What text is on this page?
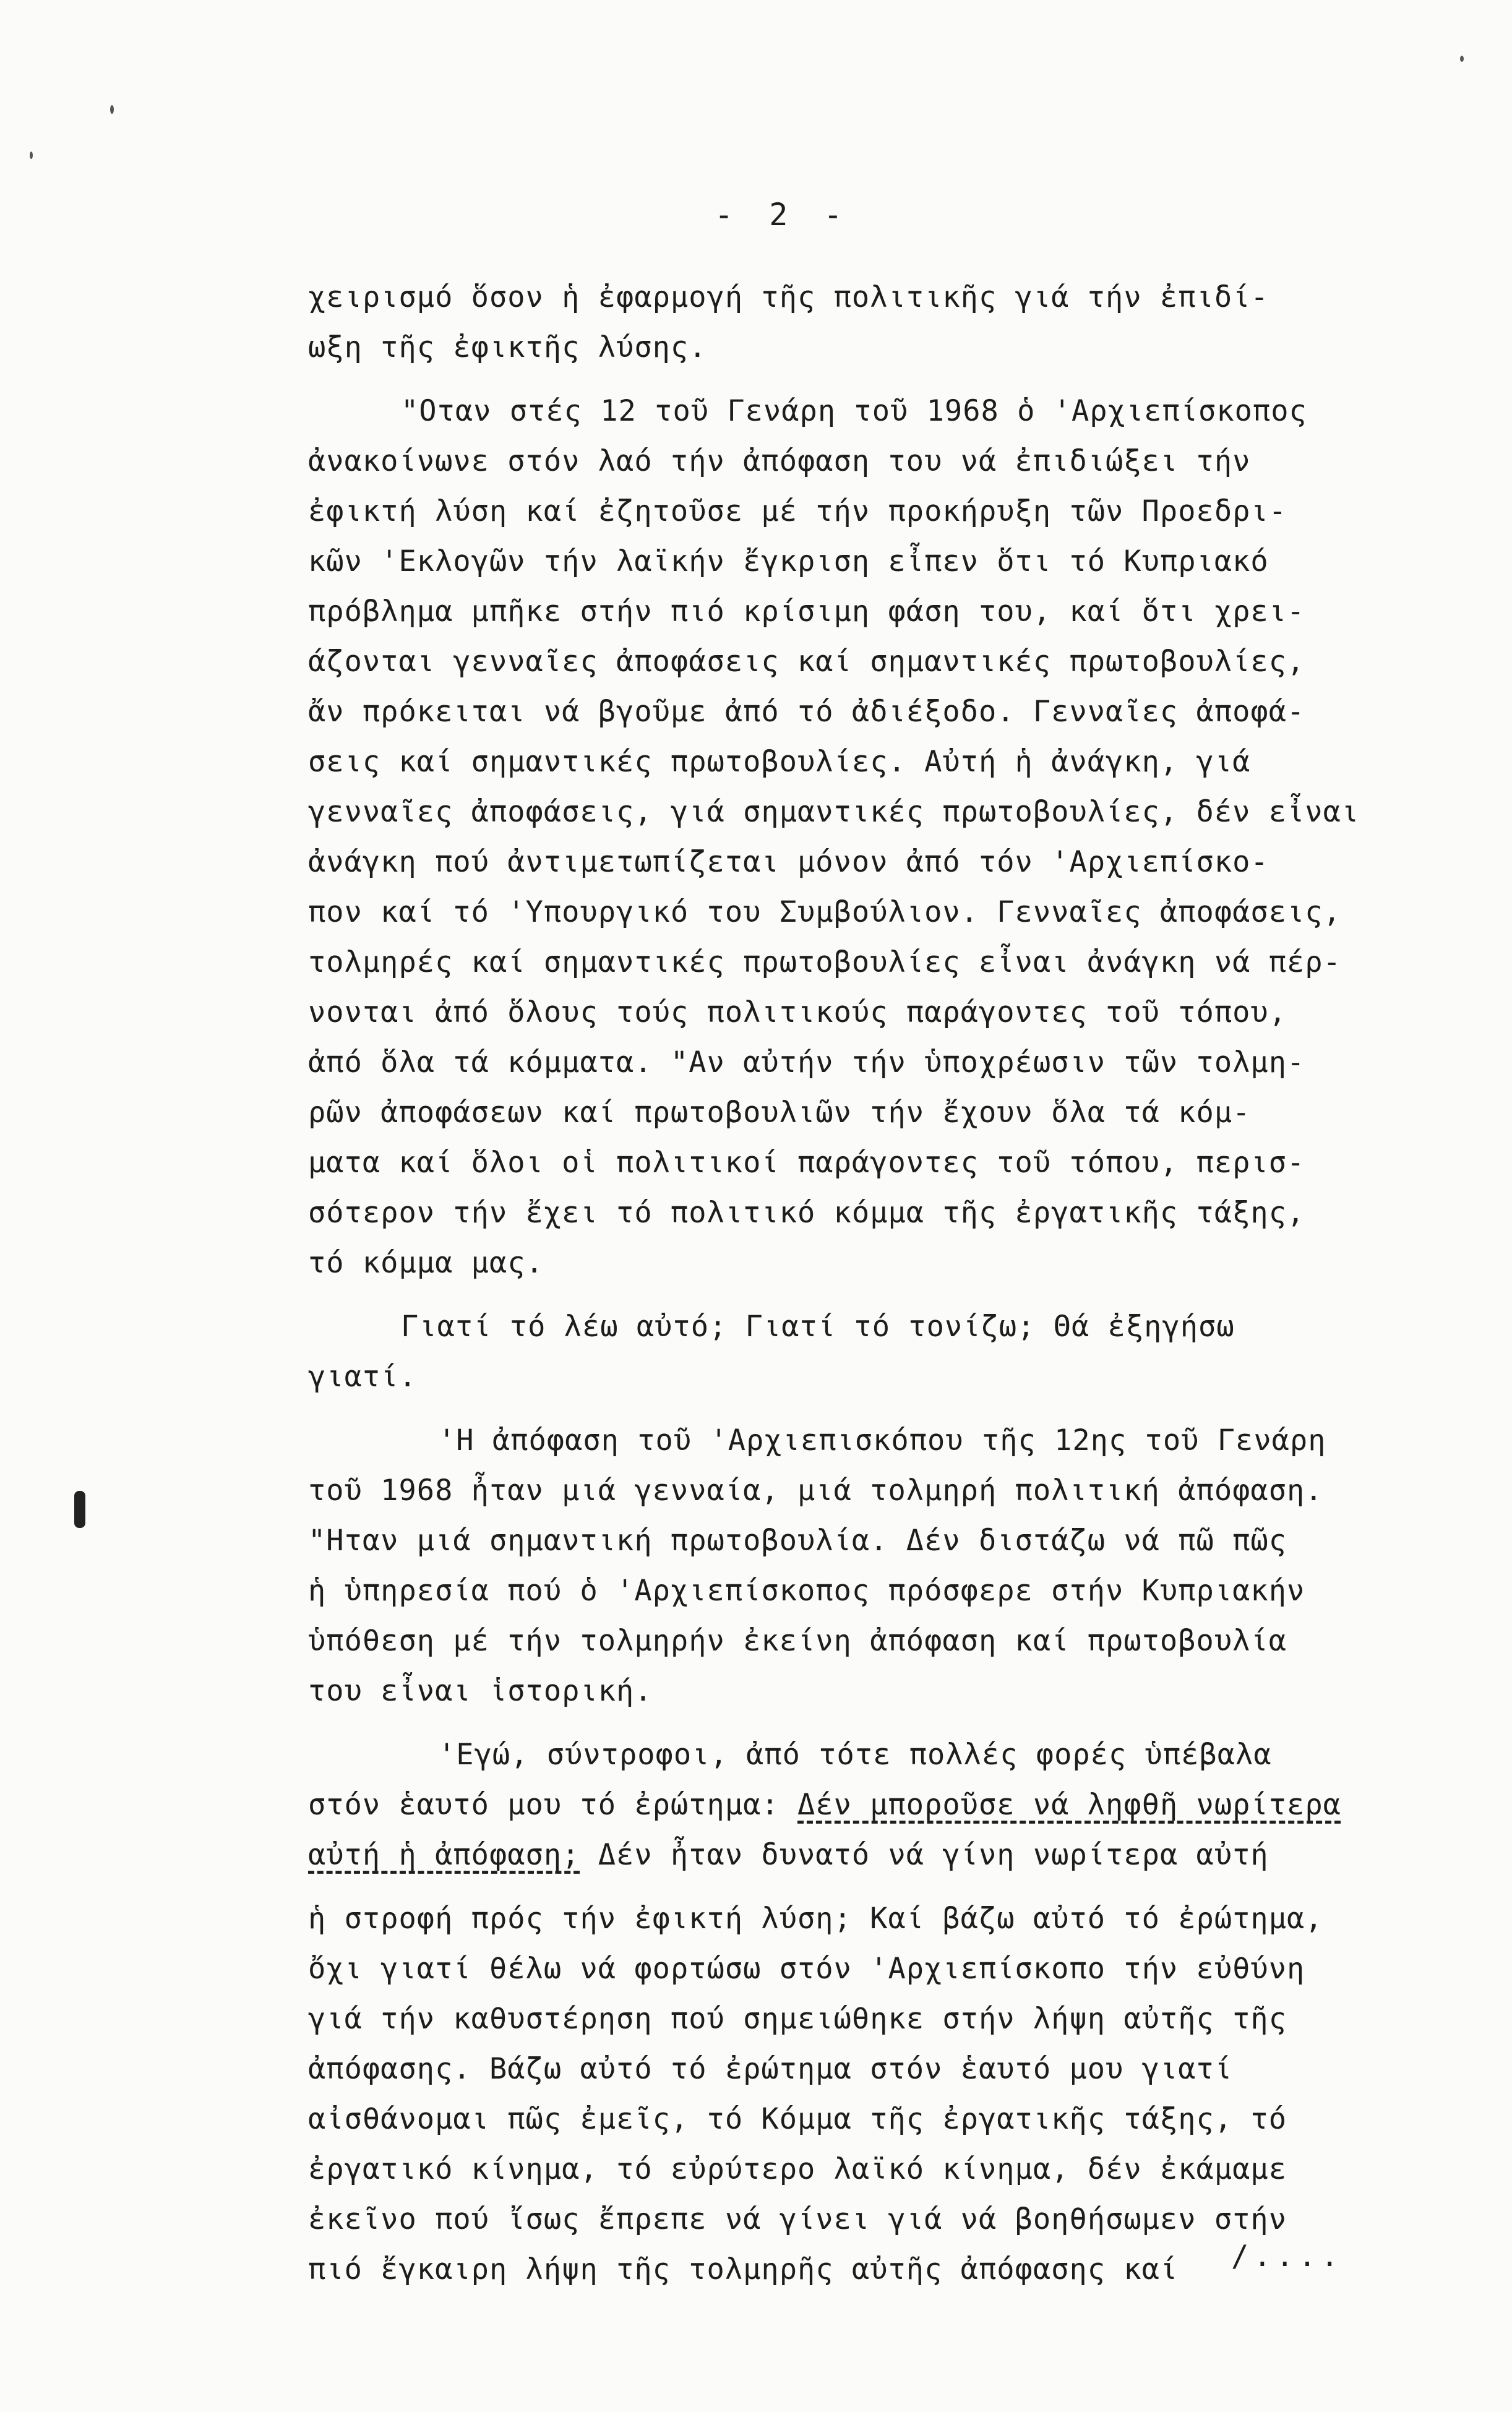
- 2 -
χειρισμό ὅσον ἡ ἐφαρμογή τῆς πολιτικῆς γιά τήν ἐπιδί-
ωξη τῆς ἐφικτῆς λύσης.
"Οταν στές 12 τοῦ Γενάρη τοῦ 1968 ὁ 'Αρχιεπίσκοπος
ἀνακοίνωνε στόν λαό τήν ἀπόφαση του νά ἐπιδιώξει τήν
ἐφικτή λύση καί ἐζητοῦσε μέ τήν προκήρυξη τῶν Προεδρι-
κῶν 'Εκλογῶν τήν λαϊκήν ἔγκριση εἶπεν ὅτι τό Κυπριακό
πρόβλημα μπῆκε στήν πιό κρίσιμη φάση του, καί ὅτι χρει-
άζονται γενναῖες ἀποφάσεις καί σημαντικές πρωτοβουλίες,
ἄν πρόκειται νά βγοῦμε ἀπό τό ἀδιέξοδο. Γενναῖες ἀποφά-
σεις καί σημαντικές πρωτοβουλίες. Αὐτή ἡ ἀνάγκη, γιά
γενναῖες ἀποφάσεις, γιά σημαντικές πρωτοβουλίες, δέν εἶναι
ἀνάγκη πού ἀντιμετωπίζεται μόνον ἀπό τόν 'Αρχιεπίσκο-
πον καί τό 'Υπουργικό του Συμβούλιον. Γενναῖες ἀποφάσεις,
τολμηρές καί σημαντικές πρωτοβουλίες εἶναι ἀνάγκη νά πέρ-
νονται ἀπό ὅλους τούς πολιτικούς παράγοντες τοῦ τόπου,
ἀπό ὅλα τά κόμματα. "Αν αὐτήν τήν ὑποχρέωσιν τῶν τολμη-
ρῶν ἀποφάσεων καί πρωτοβουλιῶν τήν ἔχουν ὅλα τά κόμ-
ματα καί ὅλοι οἱ πολιτικοί παράγοντες τοῦ τόπου, περισ-
σότερον τήν ἔχει τό πολιτικό κόμμα τῆς ἐργατικῆς τάξης,
τό κόμμα μας.
Γιατί τό λέω αὐτό; Γιατί τό τονίζω; Θά ἐξηγήσω
γιατί.
'Η ἀπόφαση τοῦ 'Αρχιεπισκόπου τῆς 12ης τοῦ Γενάρη
τοῦ 1968 ἦταν μιά γενναία, μιά τολμηρή πολιτική ἀπόφαση.
"Ηταν μιά σημαντική πρωτοβουλία. Δέν διστάζω νά πῶ πῶς
ἡ ὑπηρεσία πού ὁ 'Αρχιεπίσκοπος πρόσφερε στήν Κυπριακήν
ὑπόθεση μέ τήν τολμηρήν ἐκείνη ἀπόφαση καί πρωτοβουλία
του εἶναι ἱστορική.
'Εγώ, σύντροφοι, ἀπό τότε πολλές φορές ὑπέβαλα
στόν ἑαυτό μου τό ἐρώτημα: Δέν μποροῦσε νά ληφθῆ νωρίτερα
αὐτή ἡ ἀπόφαση; Δέν ἦταν δυνατό νά γίνη νωρίτερα αὐτή
ἡ στροφή πρός τήν ἐφικτή λύση; Καί βάζω αὐτό τό ἐρώτημα,
ὄχι γιατί θέλω νά φορτώσω στόν 'Αρχιεπίσκοπο τήν εὐθύνη
γιά τήν καθυστέρηση πού σημειώθηκε στήν λήψη αὐτῆς τῆς
ἀπόφασης. Βάζω αὐτό τό ἐρώτημα στόν ἑαυτό μου γιατί
αἰσθάνομαι πῶς ἐμεῖς, τό Κόμμα τῆς ἐργατικῆς τάξης, τό
ἐργατικό κίνημα, τό εὐρύτερο λαϊκό κίνημα, δέν ἐκάμαμε
ἐκεῖνο πού ἴσως ἔπρεπε νά γίνει γιά νά βοηθήσωμεν στήν
πιό ἔγκαιρη λήψη τῆς τολμηρῆς αὐτῆς ἀπόφασης καί	/....
